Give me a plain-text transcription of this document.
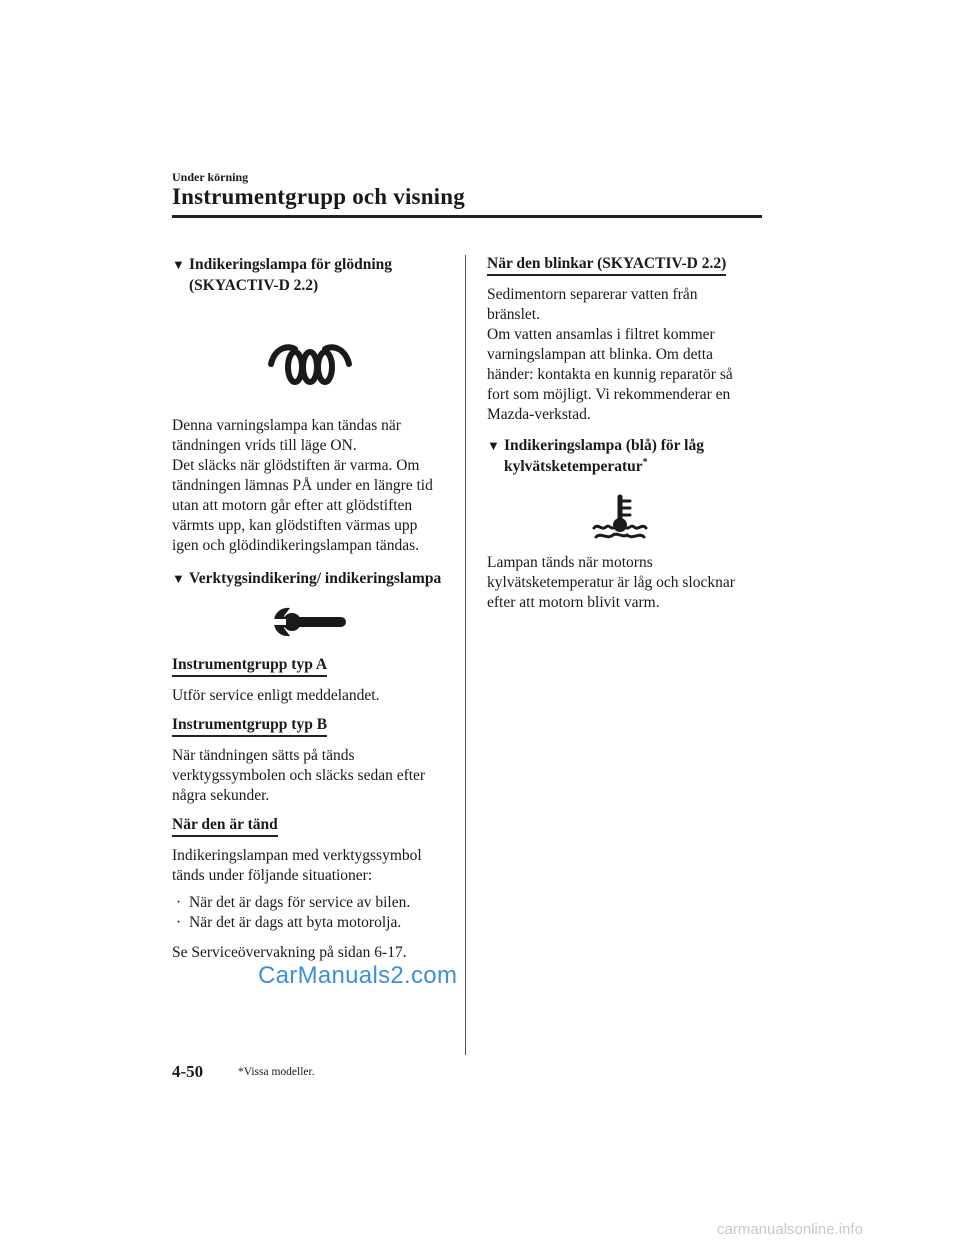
Under körning
Instrumentgrupp och visning
▼ Indikeringslampa för glödning (SKYACTIV-D 2.2)

Denna varningslampa kan tändas när tändningen vrids till läge ON.

Det släcks när glödstiften är varma. Om tändningen lämnas PÅ under en längre tid utan att motorn går efter att glödstiften värmts upp, kan glödstiften värmas upp igen och glödindikeringslampan tändas.

▼ Verktygsindikering/ indikeringslampa
Instrumentgrupp typ A

Utför service enligt meddelandet.

Instrumentgrupp typ B

När tändningen sätts på tänds verktygssymbolen och släcks sedan efter några sekunder.

När den är tänd

Indikeringslampan med verktygssymbol tänds under följande situationer:

· När det är dags för service av bilen.
· När det är dags att byta motorolja.

Se Serviceövervakning på sidan 6-17.

När den blinkar (SKYACTIV-D 2.2)

Sedimentorn separerar vatten från bränslet.

Om vatten ansamlas i filtret kommer varningslampan att blinka. Om detta händer: kontakta en kunnig reparatör så fort som möjligt. Vi rekommenderar en Mazda-verkstad.

▼ Indikeringslampa (blå) för låg kylvätsketemperatur*

Lampan tänds när motorns kylvätsketemperatur är låg och slocknar efter att motorn blivit varm.

CarManuals2.com
4-50	*Vissa modeller.
carmanualsonline.info
